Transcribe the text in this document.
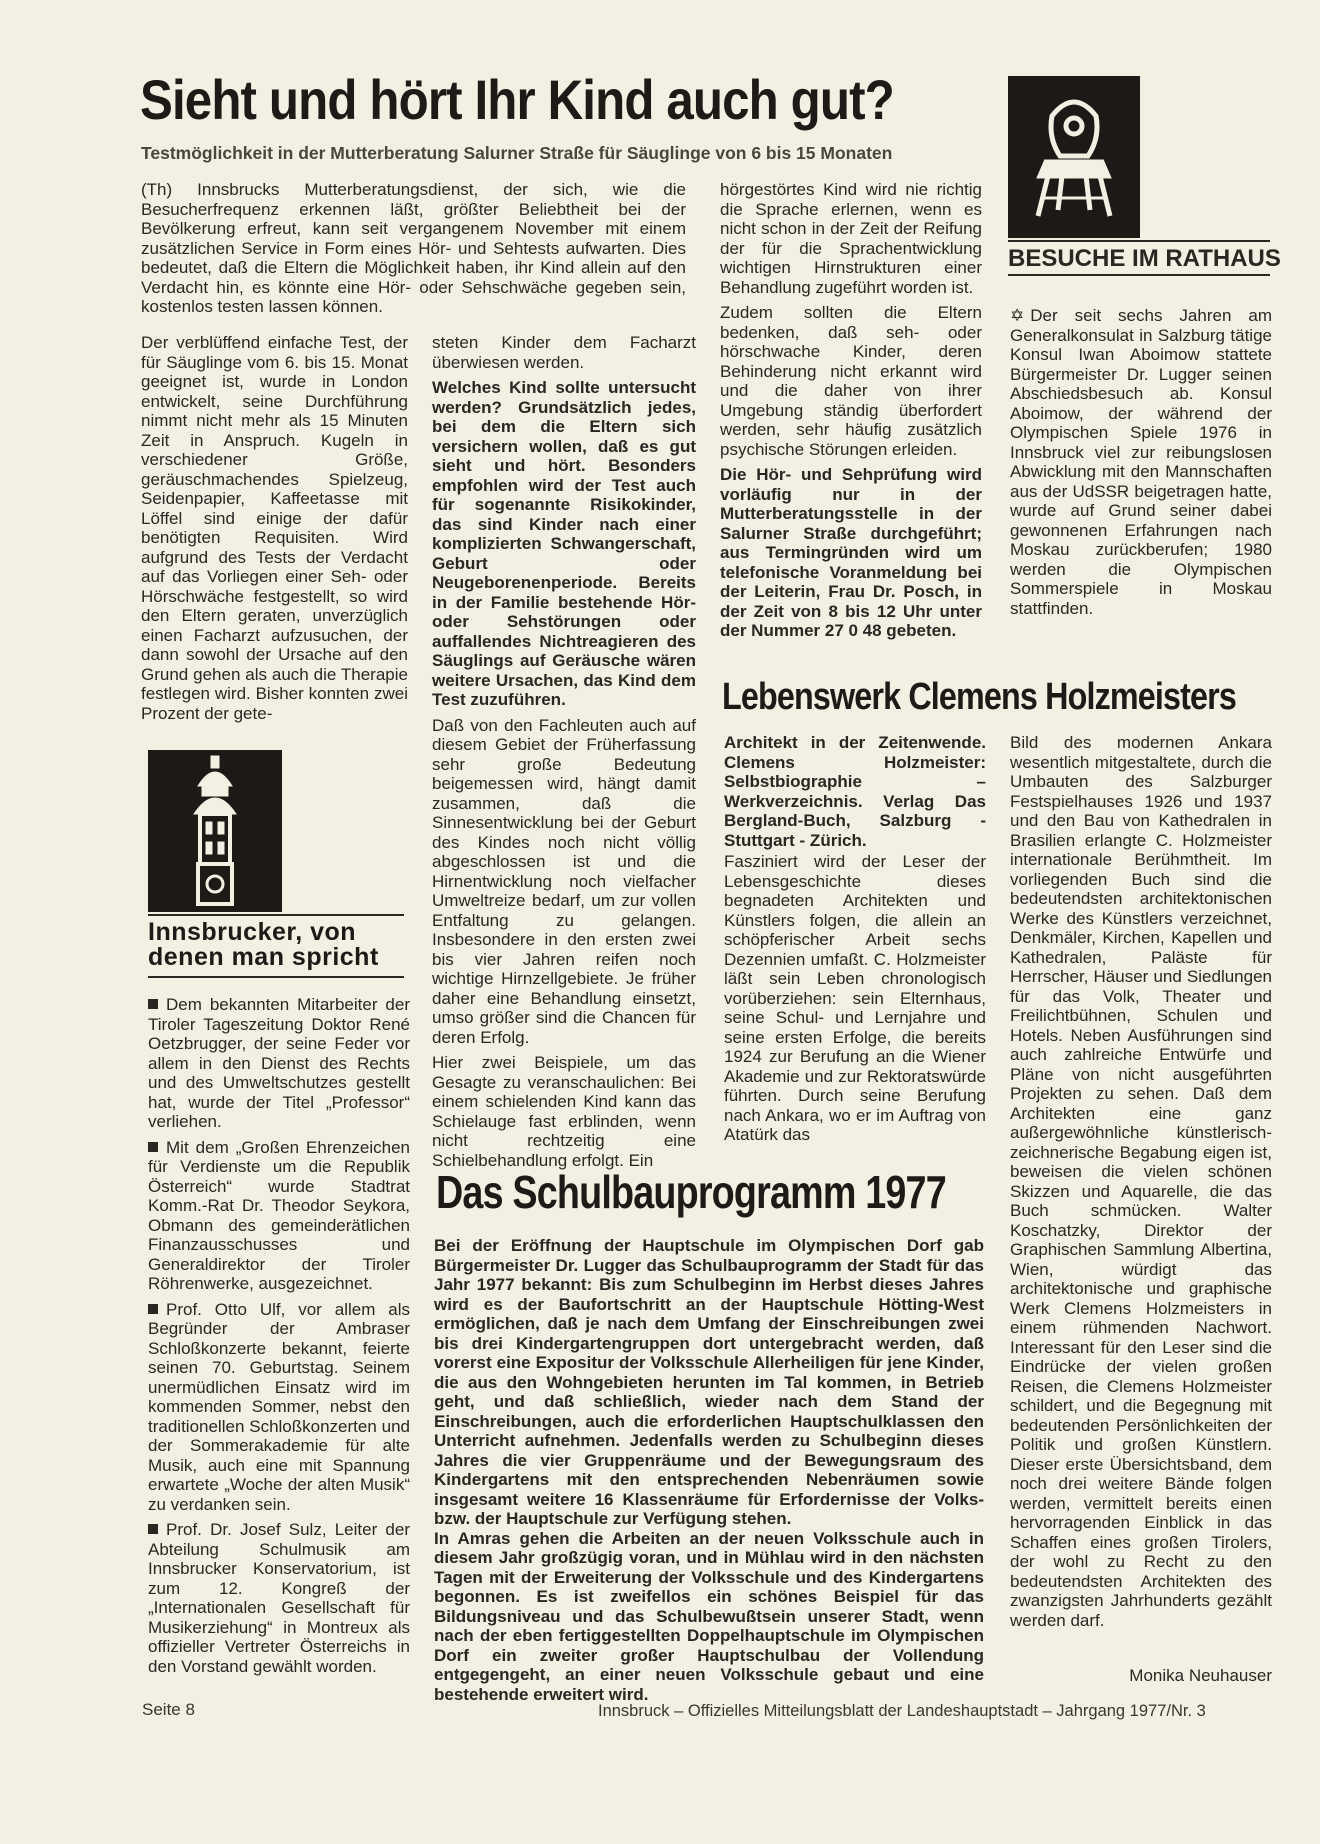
Sieht und hört Ihr Kind auch gut?
Testmöglichkeit in der Mutterberatung Salurner Straße für Säuglinge von 6 bis 15 Monaten
(Th) Innsbrucks Mutterberatungsdienst, der sich, wie die Besucherfrequenz erkennen läßt, größter Beliebtheit bei der Bevölkerung erfreut, kann seit vergangenem November mit einem zusätzlichen Service in Form eines Hör- und Sehtests aufwarten. Dies bedeutet, daß die Eltern die Möglichkeit haben, ihr Kind allein auf den Verdacht hin, es könnte eine Hör- oder Sehschwäche gegeben sein, kostenlos testen lassen können.
Der verblüffend einfache Test, der für Säuglinge vom 6. bis 15. Monat geeignet ist, wurde in London entwickelt, seine Durchführung nimmt nicht mehr als 15 Minuten Zeit in Anspruch. Kugeln in verschiedener Größe, geräuschmachendes Spielzeug, Seidenpapier, Kaffeetasse mit Löffel sind einige der dafür benötigten Requisiten. Wird aufgrund des Tests der Verdacht auf das Vorliegen einer Seh- oder Hörschwäche festgestellt, so wird den Eltern geraten, unverzüglich einen Facharzt aufzusuchen, der dann sowohl der Ursache auf den Grund gehen als auch die Therapie festlegen wird. Bisher konnten zwei Prozent der gete-
steten Kinder dem Facharzt überwiesen werden.
Welches Kind sollte untersucht werden? Grundsätzlich jedes, bei dem die Eltern sich versichern wollen, daß es gut sieht und hört. Besonders empfohlen wird der Test auch für sogenannte Risikokinder, das sind Kinder nach einer komplizierten Schwangerschaft, Geburt oder Neugeborenenperiode. Bereits in der Familie bestehende Hör- oder Sehstörungen oder auffallendes Nichtreagieren des Säuglings auf Geräusche wären weitere Ursachen, das Kind dem Test zuzuführen.
Daß von den Fachleuten auch auf diesem Gebiet der Früherfassung sehr große Bedeutung beigemessen wird, hängt damit zusammen, daß die Sinnesentwicklung bei der Geburt des Kindes noch nicht völlig abgeschlossen ist und die Hirnentwicklung noch vielfacher Umweltreize bedarf, um zur vollen Entfaltung zu gelangen. Insbesondere in den ersten zwei bis vier Jahren reifen noch wichtige Hirnzellgebiete. Je früher daher eine Behandlung einsetzt, umso größer sind die Chancen für deren Erfolg.
Hier zwei Beispiele, um das Gesagte zu veranschaulichen: Bei einem schielenden Kind kann das Schielauge fast erblinden, wenn nicht rechtzeitig eine Schielbehandlung erfolgt. Ein
hörgestörtes Kind wird nie richtig die Sprache erlernen, wenn es nicht schon in der Zeit der Reifung der für die Sprachentwicklung wichtigen Hirnstrukturen einer Behandlung zugeführt worden ist.
Zudem sollten die Eltern bedenken, daß seh- oder hörschwache Kinder, deren Behinderung nicht erkannt wird und die daher von ihrer Umgebung ständig überfordert werden, sehr häufig zusätzlich psychische Störungen erleiden.
Die Hör- und Sehprüfung wird vorläufig nur in der Mutterberatungsstelle in der Salurner Straße durchgeführt; aus Termingründen wird um telefonische Voranmeldung bei der Leiterin, Frau Dr. Posch, in der Zeit von 8 bis 12 Uhr unter der Nummer 27 0 48 gebeten.
BESUCHE IM RATHAUS
✡ Der seit sechs Jahren am Generalkonsulat in Salzburg tätige Konsul Iwan Aboimow stattete Bürgermeister Dr. Lugger seinen Abschiedsbesuch ab. Konsul Aboimow, der während der Olympischen Spiele 1976 in Innsbruck viel zur reibungslosen Abwicklung mit den Mannschaften aus der UdSSR beigetragen hatte, wurde auf Grund seiner dabei gewonnenen Erfahrungen nach Moskau zurückberufen; 1980 werden die Olympischen Sommerspiele in Moskau stattfinden.
Innsbrucker, von
denen man spricht
Dem bekannten Mitarbeiter der Tiroler Tageszeitung Doktor René Oetzbrugger, der seine Feder vor allem in den Dienst des Rechts und des Umweltschutzes gestellt hat, wurde der Titel „Professor“ verliehen.
Mit dem „Großen Ehrenzeichen für Verdienste um die Republik Österreich“ wurde Stadtrat Komm.-Rat Dr. Theodor Seykora, Obmann des gemeinderätlichen Finanzausschusses und Generaldirektor der Tiroler Röhrenwerke, ausgezeichnet.
Prof. Otto Ulf, vor allem als Begründer der Ambraser Schloßkonzerte bekannt, feierte seinen 70. Geburtstag. Seinem unermüdlichen Einsatz wird im kommenden Sommer, nebst den traditionellen Schloßkonzerten und der Sommerakademie für alte Musik, auch eine mit Spannung erwartete „Woche der alten Musik“ zu verdanken sein.
Prof. Dr. Josef Sulz, Leiter der Abteilung Schulmusik am Innsbrucker Konservatorium, ist zum 12. Kongreß der „Internationalen Gesellschaft für Musikerziehung“ in Montreux als offizieller Vertreter Österreichs in den Vorstand gewählt worden.
Lebenswerk Clemens Holzmeisters
Architekt in der Zeitenwende. Clemens Holzmeister: Selbstbiographie – Werkverzeichnis. Verlag Das Bergland-Buch, Salzburg - Stuttgart - Zürich.
Fasziniert wird der Leser der Lebensgeschichte dieses begnadeten Architekten und Künstlers folgen, die allein an schöpferischer Arbeit sechs Dezennien umfaßt. C. Holzmeister läßt sein Leben chronologisch vorüberziehen: sein Elternhaus, seine Schul- und Lernjahre und seine ersten Erfolge, die bereits 1924 zur Berufung an die Wiener Akademie und zur Rektoratswürde führten. Durch seine Berufung nach Ankara, wo er im Auftrag von Atatürk das
Bild des modernen Ankara wesentlich mitgestaltete, durch die Umbauten des Salzburger Festspielhauses 1926 und 1937 und den Bau von Kathedralen in Brasilien erlangte C. Holzmeister internationale Berühmtheit. Im vorliegenden Buch sind die bedeutendsten architektonischen Werke des Künstlers verzeichnet, Denkmäler, Kirchen, Kapellen und Kathedralen, Paläste für Herrscher, Häuser und Siedlungen für das Volk, Theater und Freilichtbühnen, Schulen und Hotels. Neben Ausführungen sind auch zahlreiche Entwürfe und Pläne von nicht ausgeführten Projekten zu sehen. Daß dem Architekten eine ganz außergewöhnliche künstlerisch-zeichnerische Begabung eigen ist, beweisen die vielen schönen Skizzen und Aquarelle, die das Buch schmücken. Walter Koschatzky, Direktor der Graphischen Sammlung Albertina, Wien, würdigt das architektonische und graphische Werk Clemens Holzmeisters in einem rühmenden Nachwort. Interessant für den Leser sind die Eindrücke der vielen großen Reisen, die Clemens Holzmeister schildert, und die Begegnung mit bedeutenden Persönlichkeiten der Politik und großen Künstlern. Dieser erste Übersichtsband, dem noch drei weitere Bände folgen werden, vermittelt bereits einen hervorragenden Einblick in das Schaffen eines großen Tirolers, der wohl zu Recht zu den bedeutendsten Architekten des zwanzigsten Jahrhunderts gezählt werden darf.
Monika Neuhauser
Das Schulbauprogramm 1977
Bei der Eröffnung der Hauptschule im Olympischen Dorf gab Bürgermeister Dr. Lugger das Schulbauprogramm der Stadt für das Jahr 1977 bekannt: Bis zum Schulbeginn im Herbst dieses Jahres wird es der Baufortschritt an der Hauptschule Hötting-West ermöglichen, daß je nach dem Umfang der Einschreibungen zwei bis drei Kindergartengruppen dort untergebracht werden, daß vorerst eine Expositur der Volksschule Allerheiligen für jene Kinder, die aus den Wohngebieten herunten im Tal kommen, in Betrieb geht, und daß schließlich, wieder nach dem Stand der Einschreibungen, auch die erforderlichen Hauptschulklassen den Unterricht aufnehmen. Jedenfalls werden zu Schulbeginn dieses Jahres die vier Gruppenräume und der Bewegungsraum des Kindergartens mit den entsprechenden Nebenräumen sowie insgesamt weitere 16 Klassenräume für Erfordernisse der Volks- bzw. der Hauptschule zur Verfügung stehen.
In Amras gehen die Arbeiten an der neuen Volksschule auch in diesem Jahr großzügig voran, und in Mühlau wird in den nächsten Tagen mit der Erweiterung der Volksschule und des Kindergartens begonnen. Es ist zweifellos ein schönes Beispiel für das Bildungsniveau und das Schulbewußtsein unserer Stadt, wenn nach der eben fertiggestellten Doppelhauptschule im Olympischen Dorf ein zweiter großer Hauptschulbau der Vollendung entgegengeht, an einer neuen Volksschule gebaut und eine bestehende erweitert wird.
Seite 8	Innsbruck – Offizielles Mitteilungsblatt der Landeshauptstadt – Jahrgang 1977/Nr. 3
